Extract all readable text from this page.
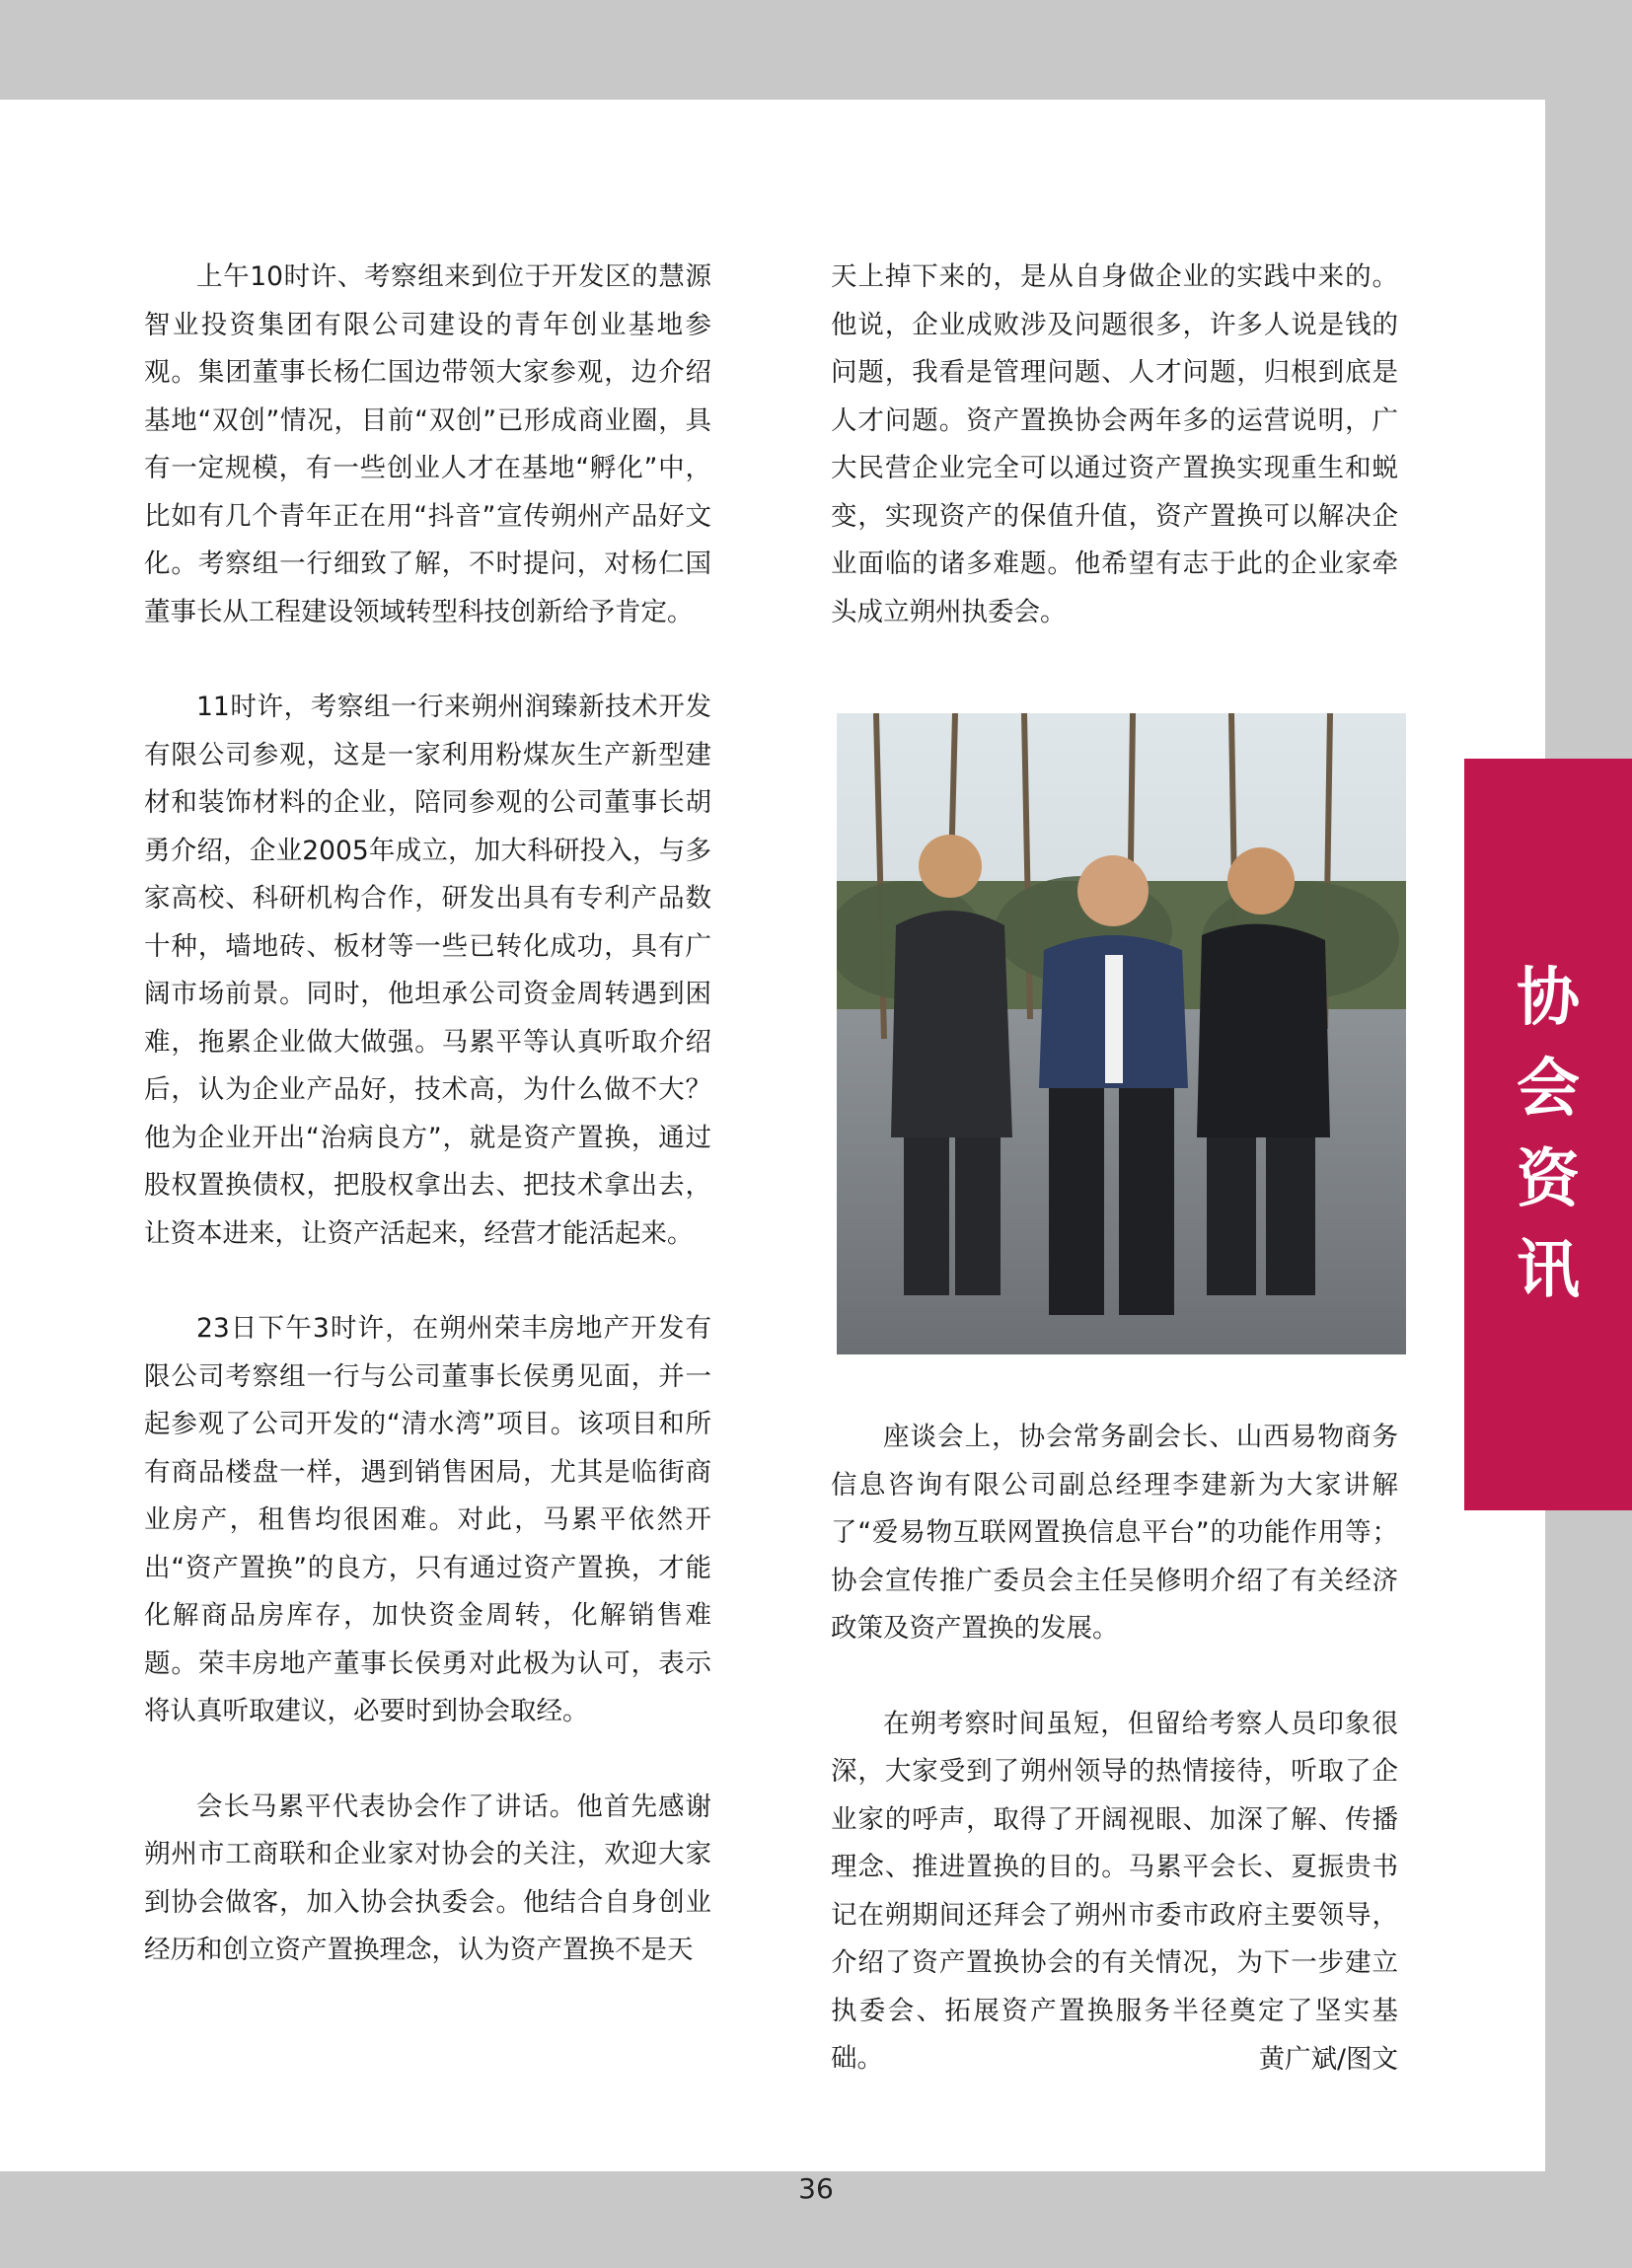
上午10时许、考察组来到位于开发区的慧源智业投资集团有限公司建设的青年创业基地参观。集团董事长杨仁国边带领大家参观，边介绍基地“双创”情况，目前“双创”已形成商业圈，具有一定规模，有一些创业人才在基地“孵化”中，比如有几个青年正在用“抖音”宣传朔州产品好文化。考察组一行细致了解，不时提问，对杨仁国董事长从工程建设领域转型科技创新给予肯定。

11时许，考察组一行来朔州润臻新技术开发有限公司参观，这是一家利用粉煤灰生产新型建材和装饰材料的企业，陪同参观的公司董事长胡勇介绍，企业2005年成立，加大科研投入，与多家高校、科研机构合作，研发出具有专利产品数十种，墙地砖、板材等一些已转化成功，具有广阔市场前景。同时，他坦承公司资金周转遇到困难，拖累企业做大做强。马累平等认真听取介绍后，认为企业产品好，技术高，为什么做不大？他为企业开出“治病良方”，就是资产置换，通过股权置换债权，把股权拿出去、把技术拿出去，让资本进来，让资产活起来，经营才能活起来。

23日下午3时许，在朔州荣丰房地产开发有限公司考察组一行与公司董事长侯勇见面，并一起参观了公司开发的“清水湾”项目。该项目和所有商品楼盘一样，遇到销售困局，尤其是临街商业房产，租售均很困难。对此，马累平依然开出“资产置换”的良方，只有通过资产置换，才能化解商品房库存，加快资金周转，化解销售难题。荣丰房地产董事长侯勇对此极为认可，表示将认真听取建议，必要时到协会取经。

会长马累平代表协会作了讲话。他首先感谢朔州市工商联和企业家对协会的关注，欢迎大家到协会做客，加入协会执委会。他结合自身创业经历和创立资产置换理念，认为资产置换不是天

天上掉下来的，是从自身做企业的实践中来的。他说，企业成败涉及问题很多，许多人说是钱的问题，我看是管理问题、人才问题，归根到底是人才问题。资产置换协会两年多的运营说明，广大民营企业完全可以通过资产置换实现重生和蜕变，实现资产的保值升值，资产置换可以解决企业面临的诸多难题。他希望有志于此的企业家牵头成立朔州执委会。

座谈会上，协会常务副会长、山西易物商务信息咨询有限公司副总经理李建新为大家讲解了“爱易物互联网置换信息平台”的功能作用等；协会宣传推广委员会主任吴修明介绍了有关经济政策及资产置换的发展。

在朔考察时间虽短，但留给考察人员印象很深，大家受到了朔州领导的热情接待，听取了企业家的呼声，取得了开阔视眼、加深了解、传播理念、推进置换的目的。马累平会长、夏振贵书记在朔期间还拜会了朔州市委市政府主要领导，介绍了资产置换协会的有关情况，为下一步建立执委会、拓展资产置换服务半径奠定了坚实基础。	黄广斌/图文

协
会
资
讯
36
